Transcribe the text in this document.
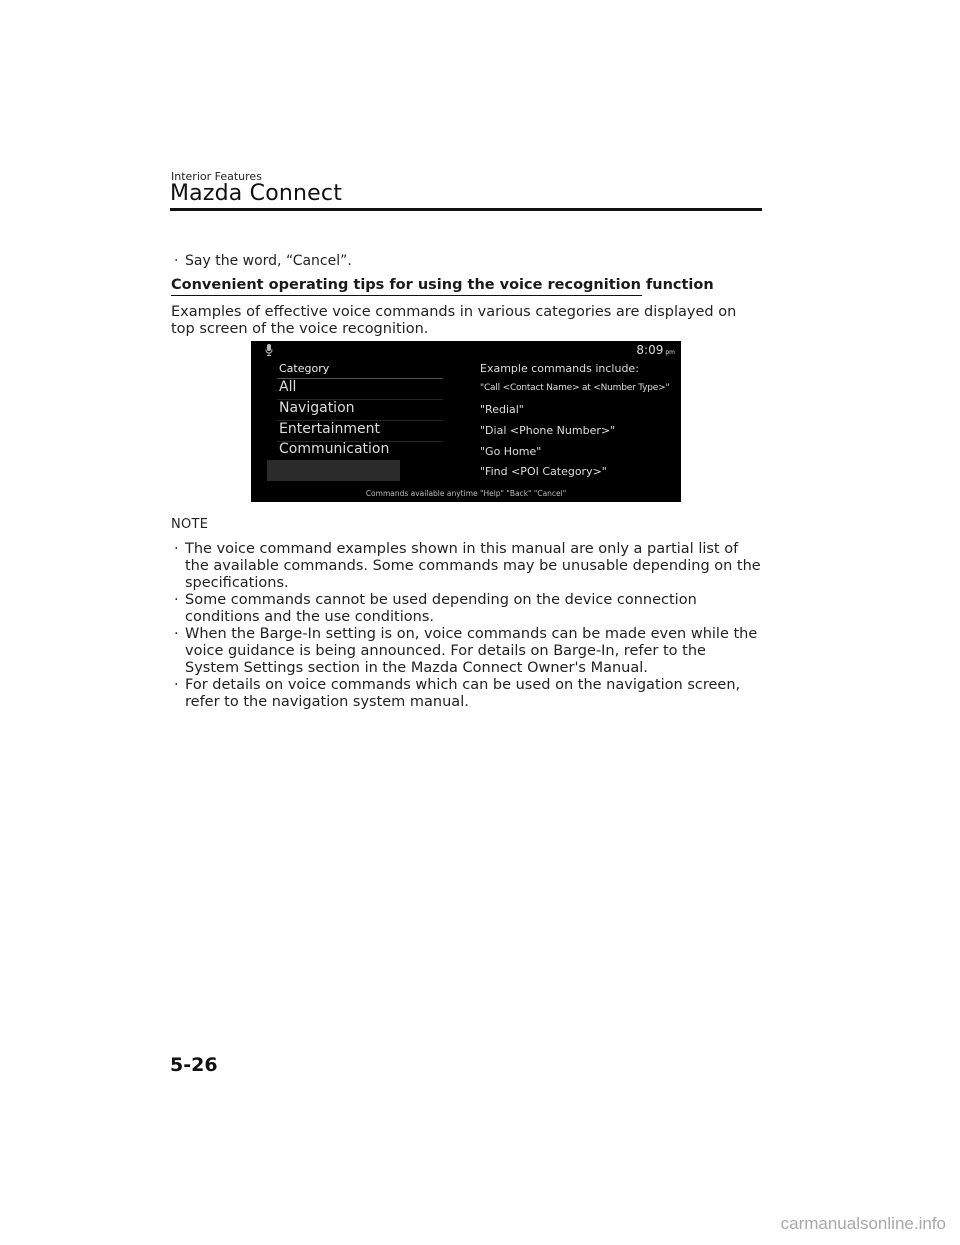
Interior Features
Mazda Connect
· Say the word, “Cancel”.
Convenient operating tips for using the voice recognition function
Examples of effective voice commands in various categories are displayed on top screen of the voice recognition.
8:09 pm
Category
All
Navigation
Entertainment
Communication
Example commands include:
"Call <Contact Name> at <Number Type>"
"Redial"
"Dial <Phone Number>"
"Go Home"
"Find <POI Category>"
Commands available anytime "Help" "Back" "Cancel"
NOTE
· The voice command examples shown in this manual are only a partial list of the available commands. Some commands may be unusable depending on the specifications.
· Some commands cannot be used depending on the device connection conditions and the use conditions.
· When the Barge-In setting is on, voice commands can be made even while the voice guidance is being announced. For details on Barge-In, refer to the System Settings section in the Mazda Connect Owner's Manual.
· For details on voice commands which can be used on the navigation screen, refer to the navigation system manual.
5-26
carmanualsonline.info
